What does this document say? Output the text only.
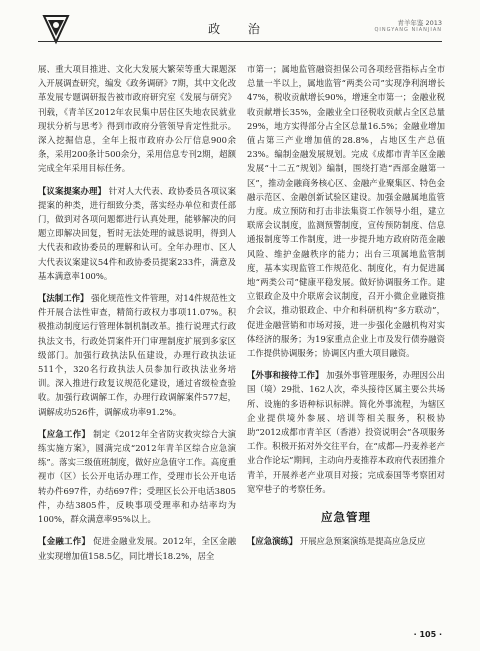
政 治	青羊年鉴 2013
QINGYANG NIANJIAN

展、重大项目推进、文化大发展大繁荣等重大课题深入开展调查研究，编发《政务调研》7期，其中文化改革发展专题调研报告被市政府研究室《发展与研究》刊载，《青羊区2012年农民集中居住区失地农民就业现状分析与思考》得到市政府分管领导肯定性批示。深入挖掘信息，全年上报市政府办公厅信息900余条，采用200条计500余分，采用信息专刊2期，超额完成全年采用目标任务。

【 议案提案办理 】 针对人大代表、政协委员各项议案提案的种类，进行细致分类，落实经办单位和责任部门，做到对各项问题都进行认真处理，能够解决的问题立即解决回复，暂时无法处理的诚恳说明，得到人大代表和政协委员的理解和认可。全年办理市、区人大代表议案建议54件和政协委员提案233件，满意及基本满意率100%。

【 法制工作 】 强化规范性文件管理，对14件规范性文件开展合法性审查，精简行政权力事项11.07%。积极推动制度运行管理体制机制改革。推行说理式行政执法文书，行政处罚案件开门审理制度扩展到多家区级部门。加强行政执法队伍建设，办理行政执法证511个，320名行政执法人员参加行政执法业务培训。深入推进行政复议规范化建设，通过省级检查验收。加强行政调解工作，办理行政调解案件577起，调解成功526件，调解成功率91.2%。

【 应急工作 】 制定《2012年全省防灾救灾综合大演练实施方案》，圆满完成“2012年青羊区综合应急演练”。落实三级值班制度，做好应急值守工作。高度重视市（区）长公开电话办理工作，受理市长公开电话转办件697件，办结697件；受理区长公开电话3805件，办结3805件，反映事项受理率和办结率均为100%，群众满意率95%以上。

【 金融工作 】 促进金融业发展。2012年，全区金融业实现增加值158.5亿，同比增长18.2%，居全

市第一；属地监管融资担保公司各项经营指标占全市总量一半以上，属地监管“两类公司”实现净利润增长47%，税收贡献增长90%，增速全市第一；金融业税收贡献增长35%，金融业全口径税收贡献占全区总量29%，地方实得部分占全区总量16.5%；金融业增加值占第三产业增加值的28.8%，占地区生产总值23%。编制金融发展规划。完成《成都市青羊区金融发展“十二五”规划》编制，围绕打造“西部金融第一区”，推动金融商务核心区、金融产业聚集区、特色金融示范区、金融创新试验区建设。加强金融属地监管力度。成立预防和打击非法集资工作领导小组，建立联席会议制度，监测预警制度，宣传预防制度、信息通报制度等工作制度，进一步提升地方政府防范金融风险、维护金融秩序的能力；出台三项属地监管制度，基本实现监管工作规范化、制度化，有力促进属地“两类公司”健康平稳发展。做好协调服务工作。建立银政企及中介联席会议制度，召开小微企业融资推介会议，推动银政企、中介和科研机构“多方联动”，促进金融营销和市场对接，进一步强化金融机构对实体经济的服务；为19家重点企业上市及发行债券融资工作提供协调服务；协调区内重大项目融资。

【 外事和接待工作 】 加强外事管理服务，办理因公出国（境）29批、162人次，牵头接待区属主要公共场所、设施的多语种标识标牌。简化外事流程，为辖区企业提供境外参展、培训等相关服务，积极协助“2012成都市青羊区（香港）投资说明会”各项服务工作。积极开拓对外交往平台，在“成都—丹麦养老产业合作论坛”期间，主动向丹麦推荐本政府代表团推介青羊，开展养老产业项目对接；完成泰国等考察团对宽窄巷子的考察任务。

应急管理

【 应急演练 】 开展应急预案演练是提高应急反应

· 105 ·
